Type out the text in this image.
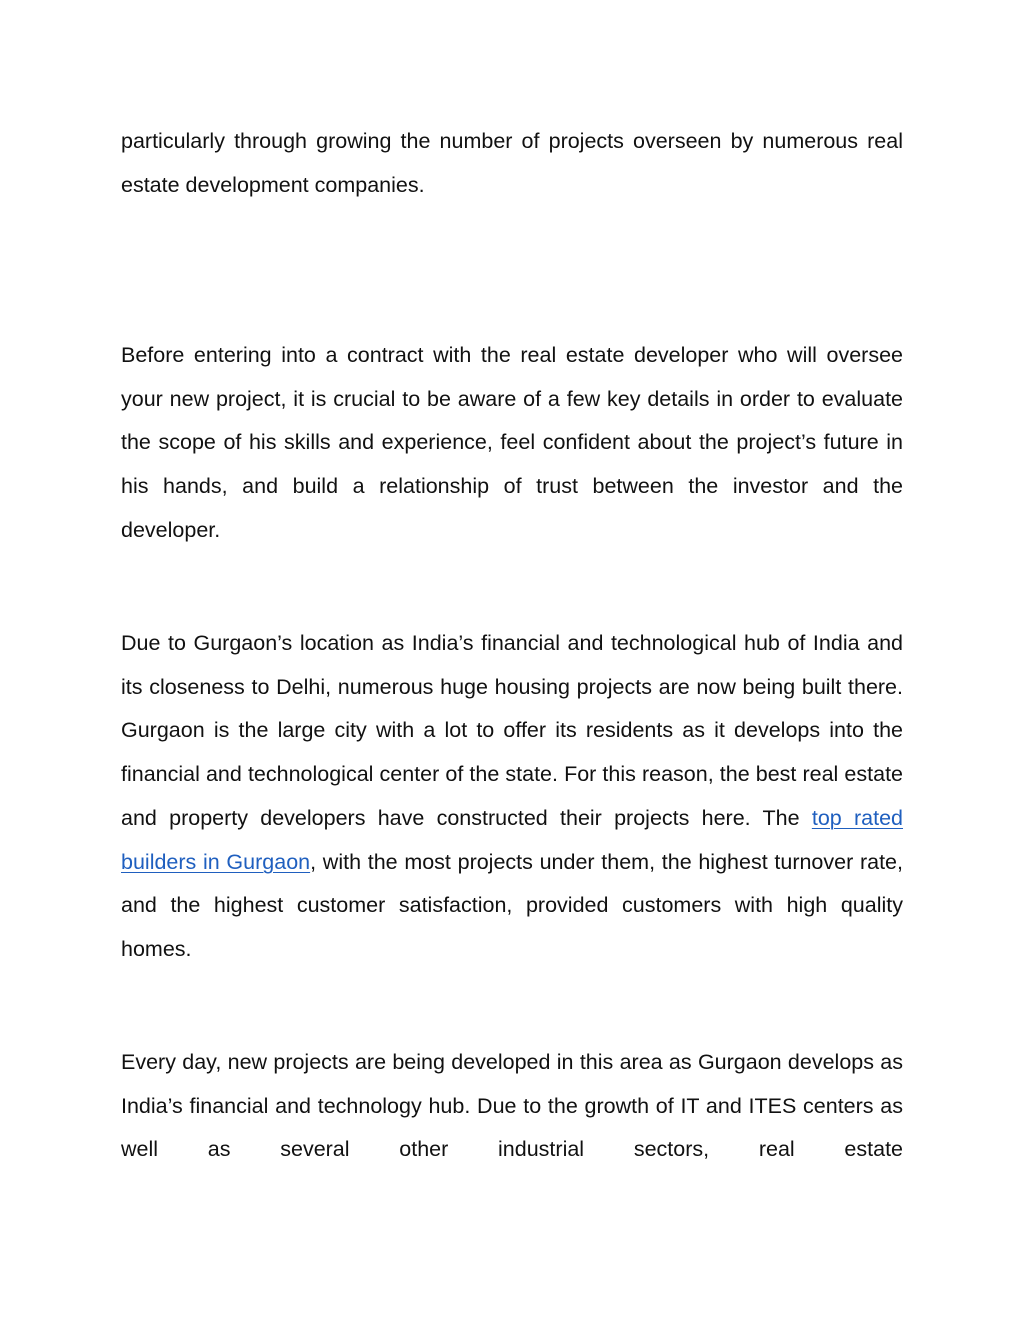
particularly through growing the number of projects overseen by numerous real estate development companies.

Before entering into a contract with the real estate developer who will oversee your new project, it is crucial to be aware of a few key details in order to evaluate the scope of his skills and experience, feel confident about the project’s future in his hands, and build a relationship of trust between the investor and the developer.

Due to Gurgaon’s location as India’s financial and technological hub of India and its closeness to Delhi, numerous huge housing projects are now being built there. Gurgaon is the large city with a lot to offer its residents as it develops into the financial and technological center of the state. For this reason, the best real estate and property developers have constructed their projects here. The top rated builders in Gurgaon, with the most projects under them, the highest turnover rate, and the highest customer satisfaction, provided customers with high quality homes.

Every day, new projects are being developed in this area as Gurgaon develops as India’s financial and technology hub. Due to the growth of IT and ITES centers as well as several other industrial sectors, real estate
